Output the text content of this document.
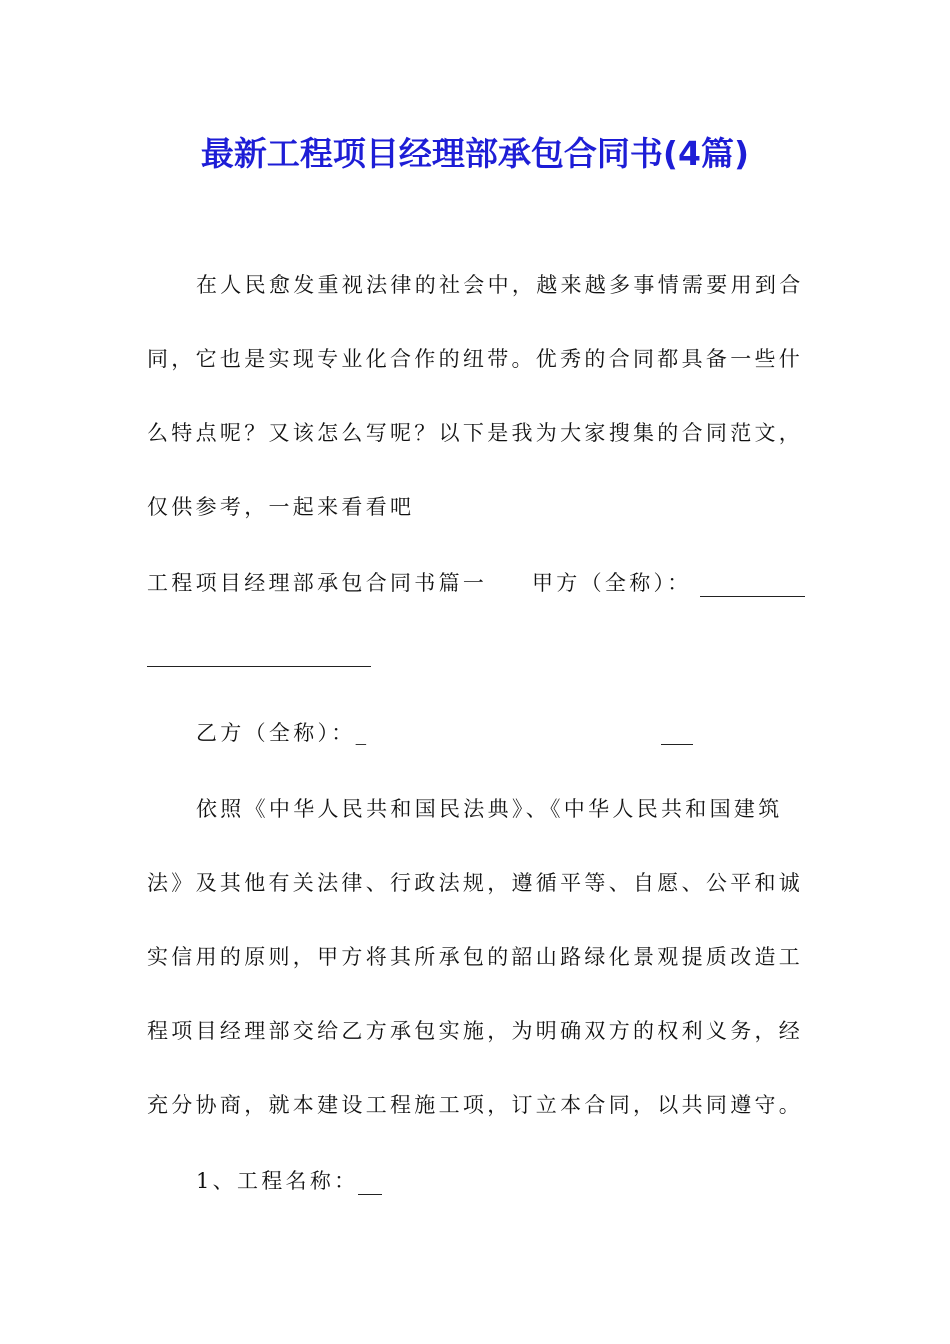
最新工程项目经理部承包合同书(4篇)
在人民愈发重视法律的社会中，越来越多事情需要用到合
同，它也是实现专业化合作的纽带。优秀的合同都具备一些什
么特点呢？又该怎么写呢？以下是我为大家搜集的合同范文，
仅供参考，一起来看看吧
工程项目经理部承包合同书篇一 甲方（全称）：
乙方（全称）：_
依照《中华人民共和国民法典》、《中华人民共和国建筑
法》及其他有关法律、行政法规，遵循平等、自愿、公平和诚
实信用的原则，甲方将其所承包的韶山路绿化景观提质改造工
程项目经理部交给乙方承包实施，为明确双方的权利义务，经
充分协商，就本建设工程施工项，订立本合同，以共同遵守。
1、工程名称：
